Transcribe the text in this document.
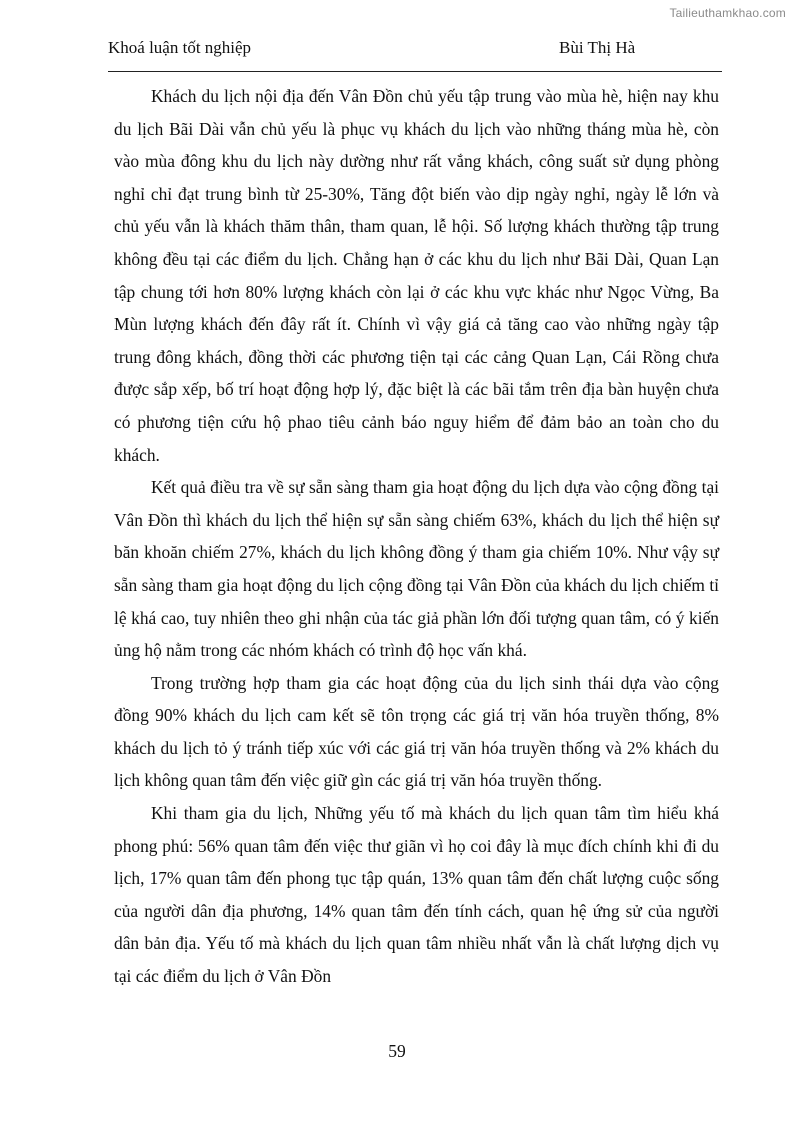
Tailieuthamkhao.com
Khoá luận tốt nghiệp	Bùi Thị Hà

Khách du lịch nội địa đến Vân Đồn chủ yếu tập trung vào mùa hè, hiện nay khu du lịch Bãi Dài vẫn chủ yếu là phục vụ khách du lịch vào những tháng mùa hè, còn vào mùa đông khu du lịch này dường như rất vắng khách, công suất sử dụng phòng nghỉ chỉ đạt trung bình từ 25-30%, Tăng đột biến vào dịp ngày nghỉ, ngày lễ lớn và chủ yếu vẫn là khách thăm thân, tham quan, lễ hội. Số lượng khách thường tập trung không đều tại các điểm du lịch. Chẳng hạn ở các khu du lịch như Bãi Dài, Quan Lạn tập chung tới hơn 80% lượng khách còn lại ở các khu vực khác như Ngọc Vừng, Ba Mùn lượng khách đến đây rất ít. Chính vì vậy giá cả tăng cao vào những ngày tập trung đông khách, đồng thời các phương tiện tại các cảng Quan Lạn, Cái Rồng chưa được sắp xếp, bố trí hoạt động hợp lý, đặc biệt là các bãi tắm trên địa bàn huyện chưa có phương tiện cứu hộ phao tiêu cảnh báo nguy hiểm để đảm bảo an toàn cho du khách.

Kết quả điều tra về sự sẵn sàng tham gia hoạt động du lịch dựa vào cộng đồng tại Vân Đồn thì khách du lịch thể hiện sự sẵn sàng chiếm 63%, khách du lịch thể hiện sự băn khoăn chiếm 27%, khách du lịch không đồng ý tham gia chiếm 10%. Như vậy sự sẵn sàng tham gia hoạt động du lịch cộng đồng tại Vân Đồn của khách du lịch chiếm tỉ lệ khá cao, tuy nhiên theo ghi nhận của tác giả phần lớn đối tượng quan tâm, có ý kiến ủng hộ nằm trong các nhóm khách có trình độ học vấn khá.

Trong trường hợp tham gia các hoạt động của du lịch sinh thái dựa vào cộng đồng 90% khách du lịch cam kết sẽ tôn trọng các giá trị văn hóa truyền thống, 8% khách du lịch tỏ ý tránh tiếp xúc với các giá trị văn hóa truyền thống và 2% khách du lịch không quan tâm đến việc giữ gìn các giá trị văn hóa truyền thống.

Khi tham gia du lịch, Những yếu tố mà khách du lịch quan tâm tìm hiểu khá phong phú: 56% quan tâm đến việc thư giãn vì họ coi đây là mục đích chính khi đi du lịch, 17% quan tâm đến phong tục tập quán, 13% quan tâm đến chất lượng cuộc sống của người dân địa phương, 14% quan tâm đến tính cách, quan hệ ứng sử của người dân bản địa. Yếu tố mà khách du lịch quan tâm nhiều nhất vẫn là chất lượng dịch vụ tại các điểm du lịch ở Vân Đồn

59
